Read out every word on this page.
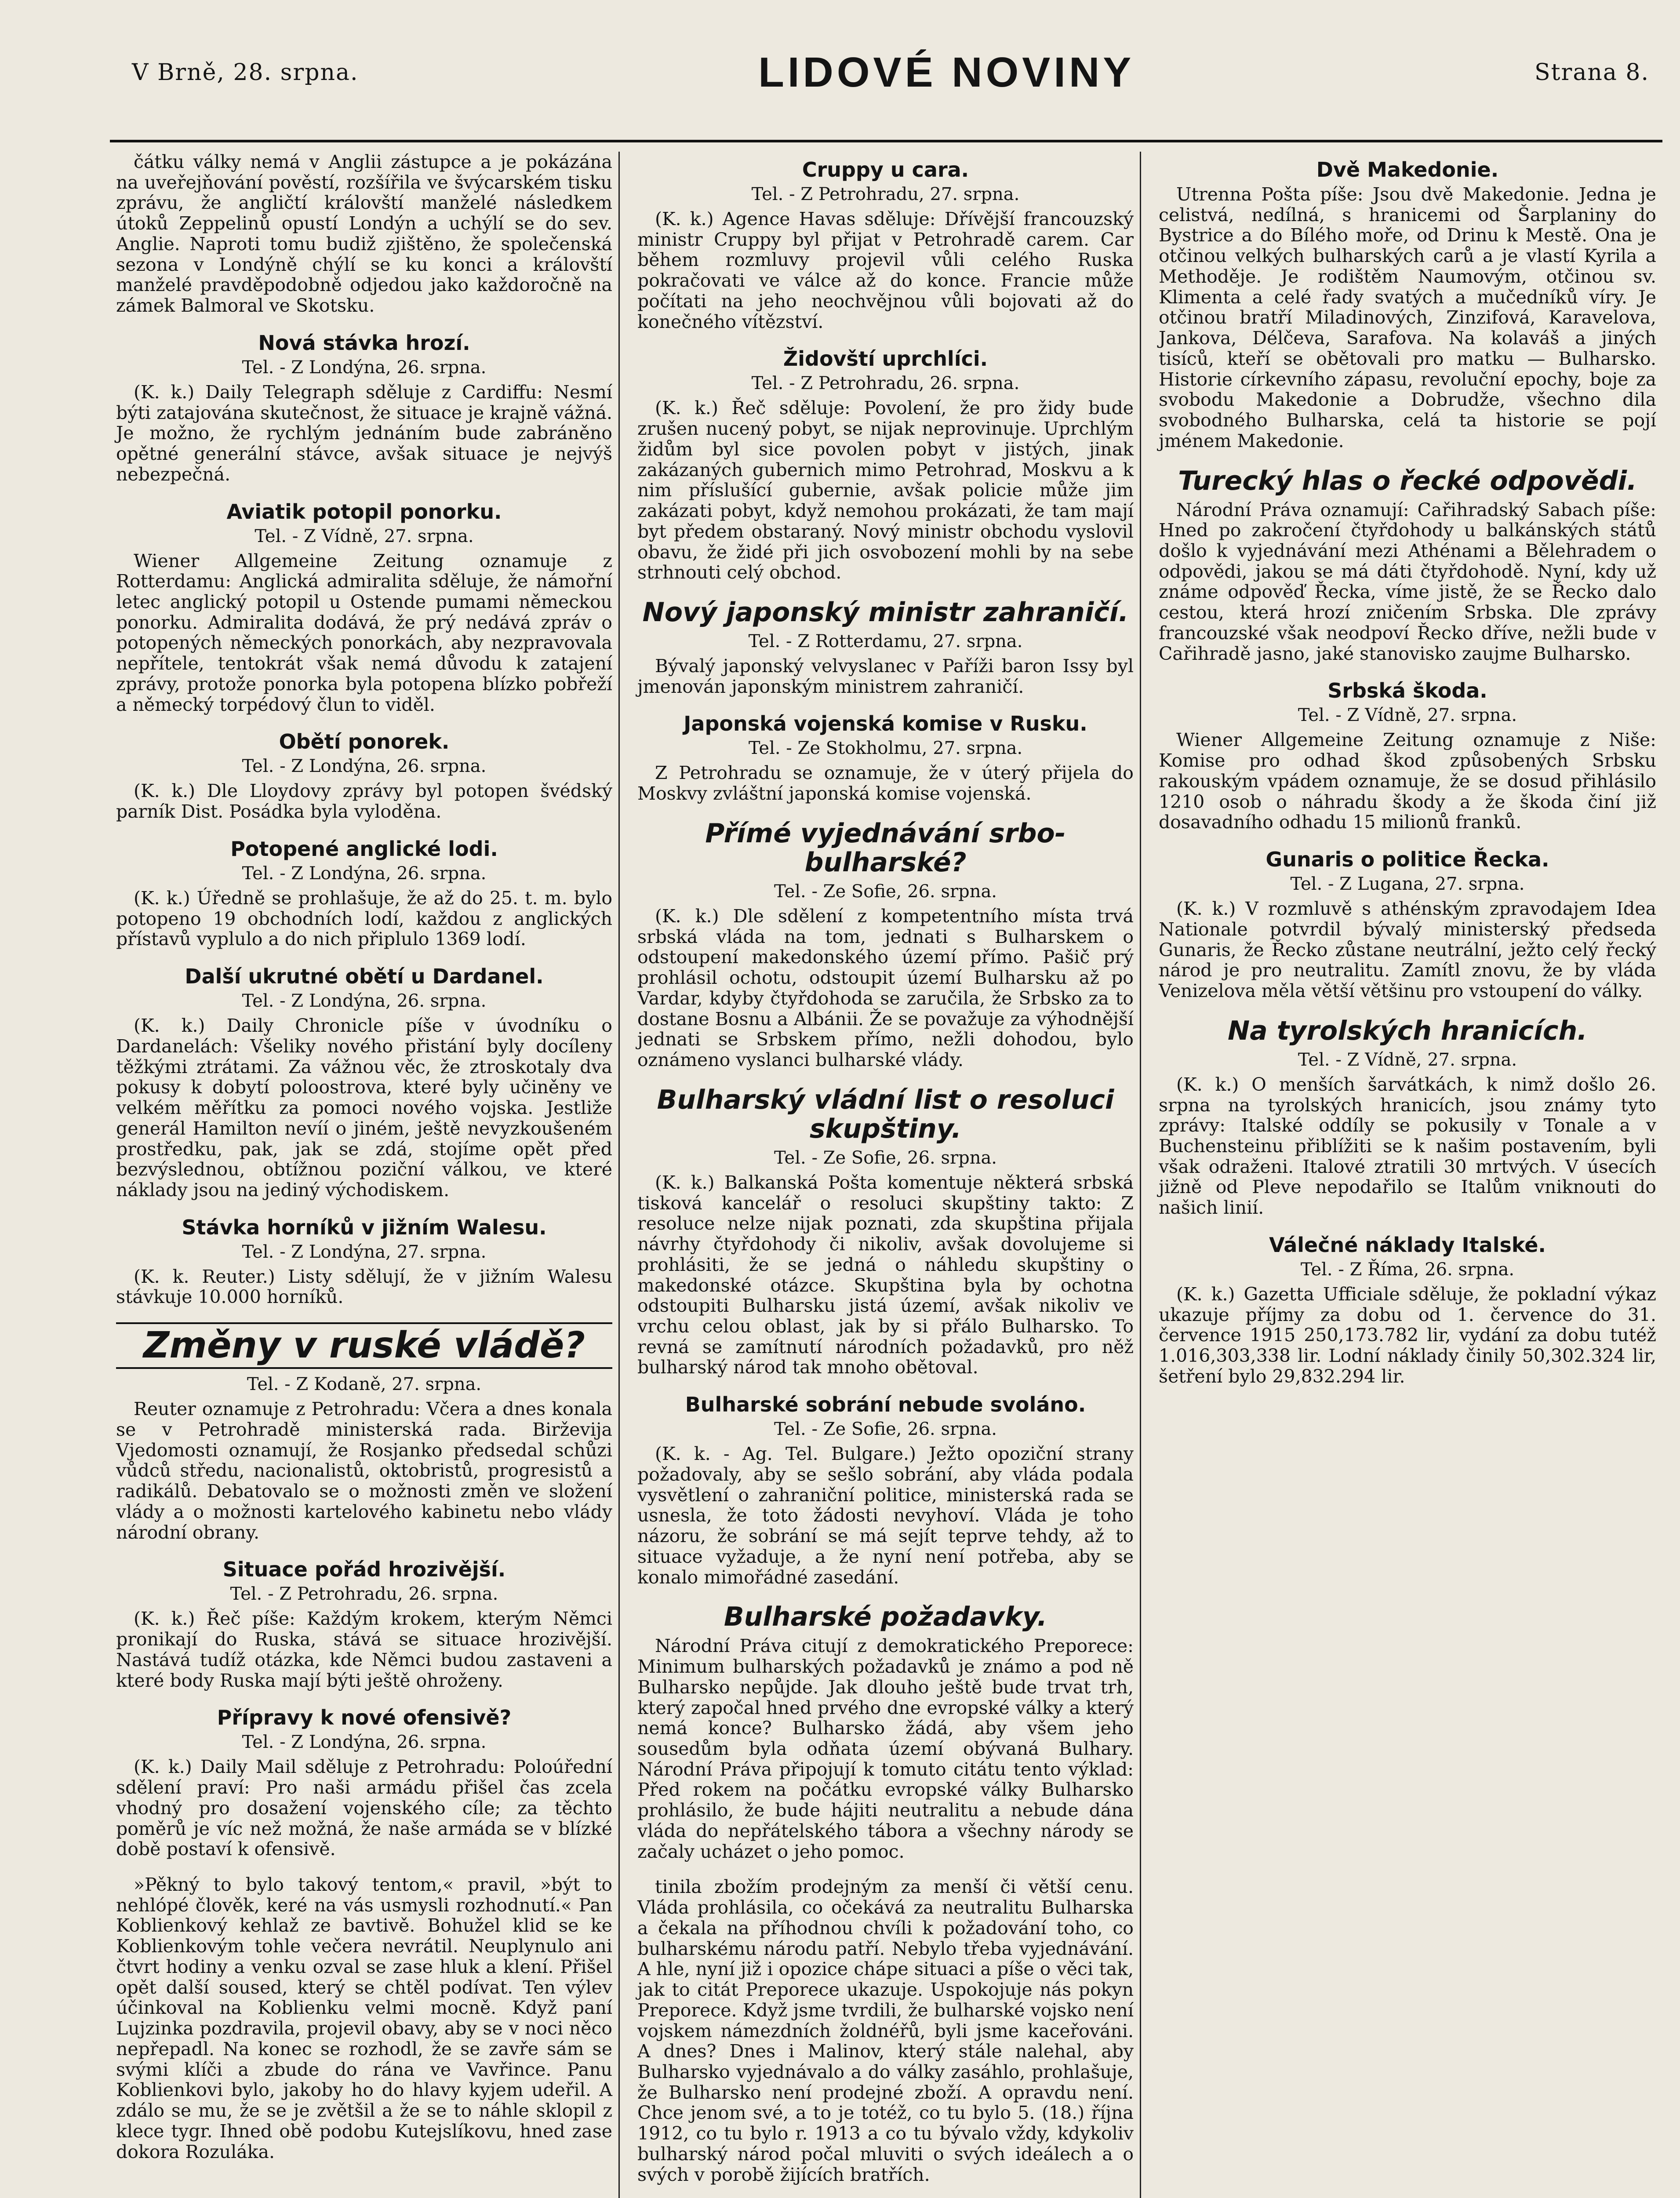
V Brně, 28. srpna.	LIDOVÉ NOVINY	Strana 8.

čátku války nemá v Anglii zástupce a je pokázána na uveřejňování pověstí, rozšířila ve švýcarském tisku zprávu, že angličtí královští manželé následkem útoků Zeppelinů opustí Londýn a uchýlí se do sev. Anglie. Naproti tomu budiž zjištěno, že společenská sezona v Londýně chýlí se ku konci a královští manželé pravděpodobně odjedou jako každoročně na zámek Balmoral ve Skotsku.

Nová stávka hrozí.
Tel. - Z Londýna, 26. srpna.

(K. k.) Daily Telegraph sděluje z Cardiffu: Nesmí býti zatajována skutečnost, že situace je krajně vážná. Je možno, že rychlým jednáním bude zabráněno opětné generální stávce, avšak situace je nejvýš nebezpečná.

Aviatik potopil ponorku.
Tel. - Z Vídně, 27. srpna.

Wiener Allgemeine Zeitung oznamuje z Rotterdamu: Anglická admiralita sděluje, že námořní letec anglický potopil u Ostende pumami německou ponorku. Admiralita dodává, že prý nedává zpráv o potopených německých ponorkách, aby nezpravovala nepřítele, tentokrát však nemá důvodu k zatajení zprávy, protože ponorka byla potopena blízko pobřeží a německý torpédový člun to viděl.

Obětí ponorek.
Tel. - Z Londýna, 26. srpna.

(K. k.) Dle Lloydovy zprávy byl potopen švédský parník Dist. Posádka byla vyloděna.

Potopené anglické lodi.
Tel. - Z Londýna, 26. srpna.

(K. k.) Úředně se prohlašuje, že až do 25. t. m. bylo potopeno 19 obchodních lodí, každou z anglických přístavů vyplulo a do nich připlulo 1369 lodí.

Další ukrutné obětí u Dardanel.
Tel. - Z Londýna, 26. srpna.

(K. k.) Daily Chronicle píše v úvodníku o Dardanelách: Všeliky nového přistání byly docíleny těžkými ztrátami. Za vážnou věc, že ztroskotaly dva pokusy k dobytí poloostrova, které byly učiněny ve velkém měřítku za pomoci nového vojska. Jestliže generál Hamilton nevíí o jiném, ještě nevyzkoušeném prostředku, pak, jak se zdá, stojíme opět před bezvýslednou, obtížnou poziční válkou, ve které náklady jsou na jediný východiskem.

Stávka horníků v jižním Walesu.
Tel. - Z Londýna, 27. srpna.

(K. k. Reuter.) Listy sdělují, že v jižním Walesu stávkuje 10.000 horníků.

Změny v ruské vládě?
Tel. - Z Kodaně, 27. srpna.

Reuter oznamuje z Petrohradu: Včera a dnes konala se v Petrohradě ministerská rada. Birževija Vjedomosti oznamují, že Rosjanko předsedal schůzi vůdců středu, nacionalistů, oktobristů, progresistů a radikálů. Debatovalo se o možnosti změn ve složení vlády a o možnosti kartelového kabinetu nebo vlády národní obrany.

Situace pořád hrozivější.
Tel. - Z Petrohradu, 26. srpna.

(K. k.) Řeč píše: Každým krokem, kterým Němci pronikají do Ruska, stává se situace hrozivější. Nastává tudíž otázka, kde Němci budou zastaveni a které body Ruska mají býti ještě ohroženy.

Přípravy k nové ofensivě?
Tel. - Z Londýna, 26. srpna.

(K. k.) Daily Mail sděluje z Petrohradu: Poloúřední sdělení praví: Pro naši armádu přišel čas zcela vhodný pro dosažení vojenského cíle; za těchto poměrů je víc než možná, že naše armáda se v blízké době postaví k ofensivě.

»Pěkný to bylo takový tentom,« pravil, »být to nehlópé člověk, keré na vás usmysli rozhodnutí.« Pan Koblienkový kehlaž ze bavtivě. Bohužel klid se ke Koblienkovým tohle večera nevrátil. Neuplynulo ani čtvrt hodiny a venku ozval se zase hluk a klení. Přišel opět další soused, který se chtěl podívat. Ten výlev účinkoval na Koblienku velmi mocně. Když paní Lujzinka pozdravila, projevil obavy, aby se v noci něco nepřepadl. Na konec se rozhodl, že se zavře sám se svými klíči a zbude do rána ve Vavřince. Panu Koblienkovi bylo, jakoby ho do hlavy kyjem udeřil. A zdálo se mu, že se je zvětšil a že se to náhle sklopil z klece tygr. Ihned obě podobu Kutejslíkovu, hned zase dokora Rozuláka.

Cruppy u cara.
Tel. - Z Petrohradu, 27. srpna.

(K. k.) Agence Havas sděluje: Dřívější francouzský ministr Cruppy byl přijat v Petrohradě carem. Car během rozmluvy projevil vůli celého Ruska pokračovati ve válce až do konce. Francie může počítati na jeho neochvějnou vůli bojovati až do konečného vítězství.

Židovští uprchlíci.
Tel. - Z Petrohradu, 26. srpna.

(K. k.) Řeč sděluje: Povolení, že pro židy bude zrušen nucený pobyt, se nijak neprovinuje. Uprchlým židům byl sice povolen pobyt v jistých, jinak zakázaných gubernich mimo Petrohrad, Moskvu a k nim příslušící gubernie, avšak policie může jim zakázati pobyt, když nemohou prokázati, že tam mají byt předem obstaraný. Nový ministr obchodu vyslovil obavu, že židé při jich osvobození mohli by na sebe strhnouti celý obchod.

Nový japonský ministr zahraničí.
Tel. - Z Rotterdamu, 27. srpna.

Bývalý japonský velvyslanec v Paříži baron Issy byl jmenován japonským ministrem zahraničí.

Japonská vojenská komise v Rusku.
Tel. - Ze Stokholmu, 27. srpna.

Z Petrohradu se oznamuje, že v úterý přijela do Moskvy zvláštní japonská komise vojenská.

Přímé vyjednávání srbo-bulharské?
Tel. - Ze Sofie, 26. srpna.

(K. k.) Dle sdělení z kompetentního místa trvá srbská vláda na tom, jednati s Bulharskem o odstoupení makedonského území přímo. Pašič prý prohlásil ochotu, odstoupit území Bulharsku až po Vardar, kdyby čtyřdohoda se zaručila, že Srbsko za to dostane Bosnu a Albánii. Že se považuje za výhodnější jednati se Srbskem přímo, nežli dohodou, bylo oznámeno vyslanci bulharské vlády.

Bulharský vládní list o resoluci skupštiny.
Tel. - Ze Sofie, 26. srpna.

(K. k.) Balkanská Pošta komentuje některá srbská tisková kancelář o resoluci skupštiny takto: Z resoluce nelze nijak poznati, zda skupština přijala návrhy čtyřdohody či nikoliv, avšak dovolujeme si prohlásiti, že se jedná o náhledu skupštiny o makedonské otázce. Skupština byla by ochotna odstoupiti Bulharsku jistá území, avšak nikoliv ve vrchu celou oblast, jak by si přálo Bulharsko. To revná se zamítnutí národních požadavků, pro něž bulharský národ tak mnoho obětoval.

Bulharské sobrání nebude svoláno.
Tel. - Ze Sofie, 26. srpna.

(K. k. - Ag. Tel. Bulgare.) Ježto opoziční strany požadovaly, aby se sešlo sobrání, aby vláda podala vysvětlení o zahraniční politice, ministerská rada se usnesla, že toto žádosti nevyhoví. Vláda je toho názoru, že sobrání se má sejít teprve tehdy, až to situace vyžaduje, a že nyní není potřeba, aby se konalo mimořádné zasedání.

Bulharské požadavky.

Národní Práva citují z demokratického Preporece: Minimum bulharských požadavků je známo a pod ně Bulharsko nepůjde. Jak dlouho ještě bude trvat trh, který započal hned prvého dne evropské války a který nemá konce? Bulharsko žádá, aby všem jeho sousedům byla odňata území obývaná Bulhary. Národní Práva připojují k tomuto citátu tento výklad: Před rokem na počátku evropské války Bulharsko prohlásilo, že bude hájiti neutralitu a nebude dána vláda do nepřátelského tábora a všechny národy se začaly ucházet o jeho pomoc.

tinila zbožím prodejným za menší či větší cenu. Vláda prohlásila, co očekává za neutralitu Bulharska a čekala na příhodnou chvíli k požadování toho, co bulharskému národu patří. Nebylo třeba vyjednávání. A hle, nyní již i opozice chápe situaci a píše o věci tak, jak to citát Preporece ukazuje. Uspokojuje nás pokyn Preporece. Když jsme tvrdili, že bulharské vojsko není vojskem námezdních žoldnéřů, byli jsme kaceřováni. A dnes? Dnes i Malinov, který stále nalehal, aby Bulharsko vyjednávalo a do války zasáhlo, prohlašuje, že Bulharsko není prodejné zboží. A opravdu není. Chce jenom své, a to je totéž, co tu bylo 5. (18.) října 1912, co tu bylo r. 1913 a co tu bývalo vždy, kdykoliv bulharský národ počal mluviti o svých ideálech a o svých v porobě žijících bratřích.

Dvě Makedonie.

Utrenna Pošta píše: Jsou dvě Makedonie. Jedna je celistvá, nedílná, s hranicemi od Šarplaniny do Bystrice a do Bílého moře, od Drinu k Mestě. Ona je otčinou velkých bulharských carů a je vlastí Kyrila a Methoděje. Je rodištěm Naumovým, otčinou sv. Klimenta a celé řady svatých a mučedníků víry. Je otčinou bratří Miladinových, Zinzifová, Karavelova, Jankova, Délčeva, Sarafova. Na kolaváš a jiných tisíců, kteří se obětovali pro matku — Bulharsko. Historie církevního zápasu, revoluční epochy, boje za svobodu Makedonie a Dobrudže, všechno dila svobodného Bulharska, celá ta historie se pojí jménem Makedonie.

Turecký hlas o řecké odpovědi.

Národní Práva oznamují: Cařihradský Sabach píše: Hned po zakročení čtyřdohody u balkánských států došlo k vyjednávání mezi Athénami a Bělehradem o odpovědi, jakou se má dáti čtyřdohodě. Nyní, kdy už známe odpověď Řecka, víme jistě, že se Řecko dalo cestou, která hrozí zničením Srbska. Dle zprávy francouzské však neodpoví Řecko dříve, nežli bude v Cařihradě jasno, jaké stanovisko zaujme Bulharsko.

Srbská škoda.
Tel. - Z Vídně, 27. srpna.

Wiener Allgemeine Zeitung oznamuje z Niše: Komise pro odhad škod způsobených Srbsku rakouským vpádem oznamuje, že se dosud přihlásilo 1210 osob o náhradu škody a že škoda činí již dosavadního odhadu 15 milionů franků.

Gunaris o politice Řecka.
Tel. - Z Lugana, 27. srpna.

(K. k.) V rozmluvě s athénským zpravodajem Idea Nationale potvrdil bývalý ministerský předseda Gunaris, že Řecko zůstane neutrální, ježto celý řecký národ je pro neutralitu. Zamítl znovu, že by vláda Venizelova měla větší většinu pro vstoupení do války.

Na tyrolských hranicích.
Tel. - Z Vídně, 27. srpna.

(K. k.) O menších šarvátkách, k nimž došlo 26. srpna na tyrolských hranicích, jsou známy tyto zprávy: Italské oddíly se pokusily v Tonale a v Buchensteinu přiblížiti se k našim postavením, byli však odraženi. Italové ztratili 30 mrtvých. V úsecích jižně od Pleve nepodařilo se Italům vniknouti do našich linií.

Válečné náklady Italské.
Tel. - Z Říma, 26. srpna.

(K. k.) Gazetta Ufficiale sděluje, že pokladní výkaz ukazuje příjmy za dobu od 1. července do 31. července 1915 250,173.782 lir, vydání za dobu tutéž 1.016,303,338 lir. Lodní náklady činily 50,302.324 lir, šetření bylo 29,832.294 lir.
